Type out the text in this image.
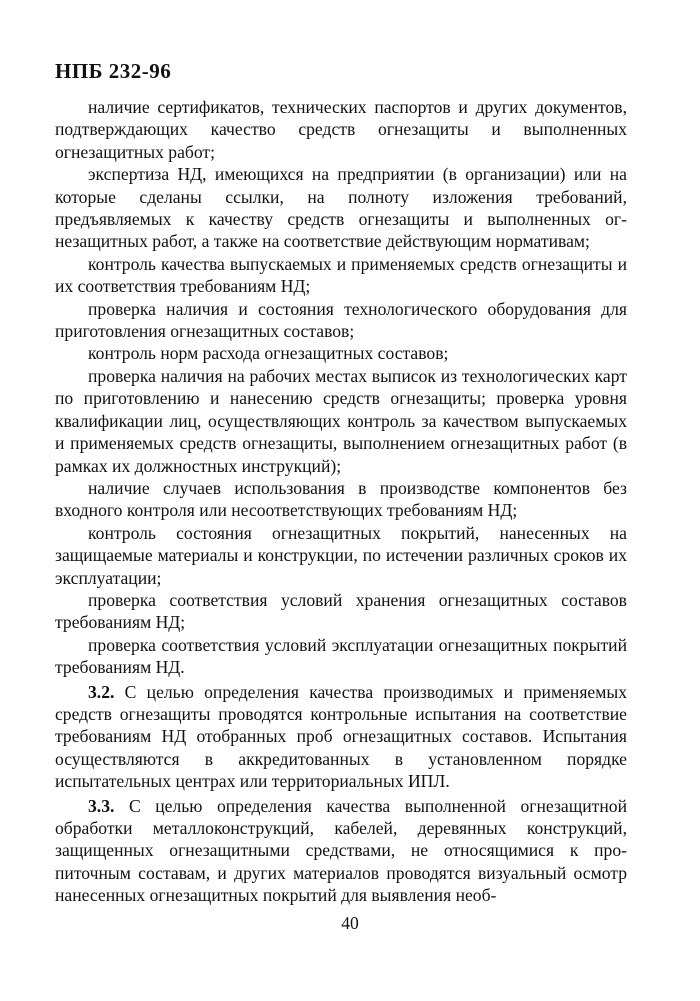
НПБ 232-96

наличие сертификатов, технических паспортов и других документов, подтверждающих качество средств огнезащиты и выполненных огнезащитных работ;

экспертиза НД, имеющихся на предприятии (в организации) или на которые сделаны ссылки, на полноту изложения требований, предъявляемых к качеству средств огнезащиты и выполненных огнезащитных работ, а также на соответствие действующим нормативам;

контроль качества выпускаемых и применяемых средств огнезащиты и их соответствия требованиям НД;

проверка наличия и состояния технологического оборудования для приготовления огнезащитных составов;

контроль норм расхода огнезащитных составов;

проверка наличия на рабочих местах выписок из технологических карт по приготовлению и нанесению средств огнезащиты; проверка уровня квалификации лиц, осуществляющих контроль за качеством выпускаемых и применяемых средств огнезащиты, выполнением огнезащитных работ (в рамках их должностных инструкций);

наличие случаев использования в производстве компонентов без входного контроля или несоответствующих требованиям НД;

контроль состояния огнезащитных покрытий, нанесенных на защищаемые материалы и конструкции, по истечении различных сроков их эксплуатации;

проверка соответствия условий хранения огнезащитных составов требованиям НД;

проверка соответствия условий эксплуатации огнезащитных покрытий требованиям НД.

3.2. С целью определения качества производимых и применяемых средств огнезащиты проводятся контрольные испытания на соответствие требованиям НД отобранных проб огнезащитных составов. Испытания осуществляются в аккредитованных в установленном порядке испытательных центрах или территориальных ИПЛ.

3.3. С целью определения качества выполненной огнезащитной обработки металлоконструкций, кабелей, деревянных конструкций, защищенных огнезащитными средствами, не относящимися к пропиточным составам, и других материалов проводятся визуальный осмотр нанесенных огнезащитных покрытий для выявления необ-

40
